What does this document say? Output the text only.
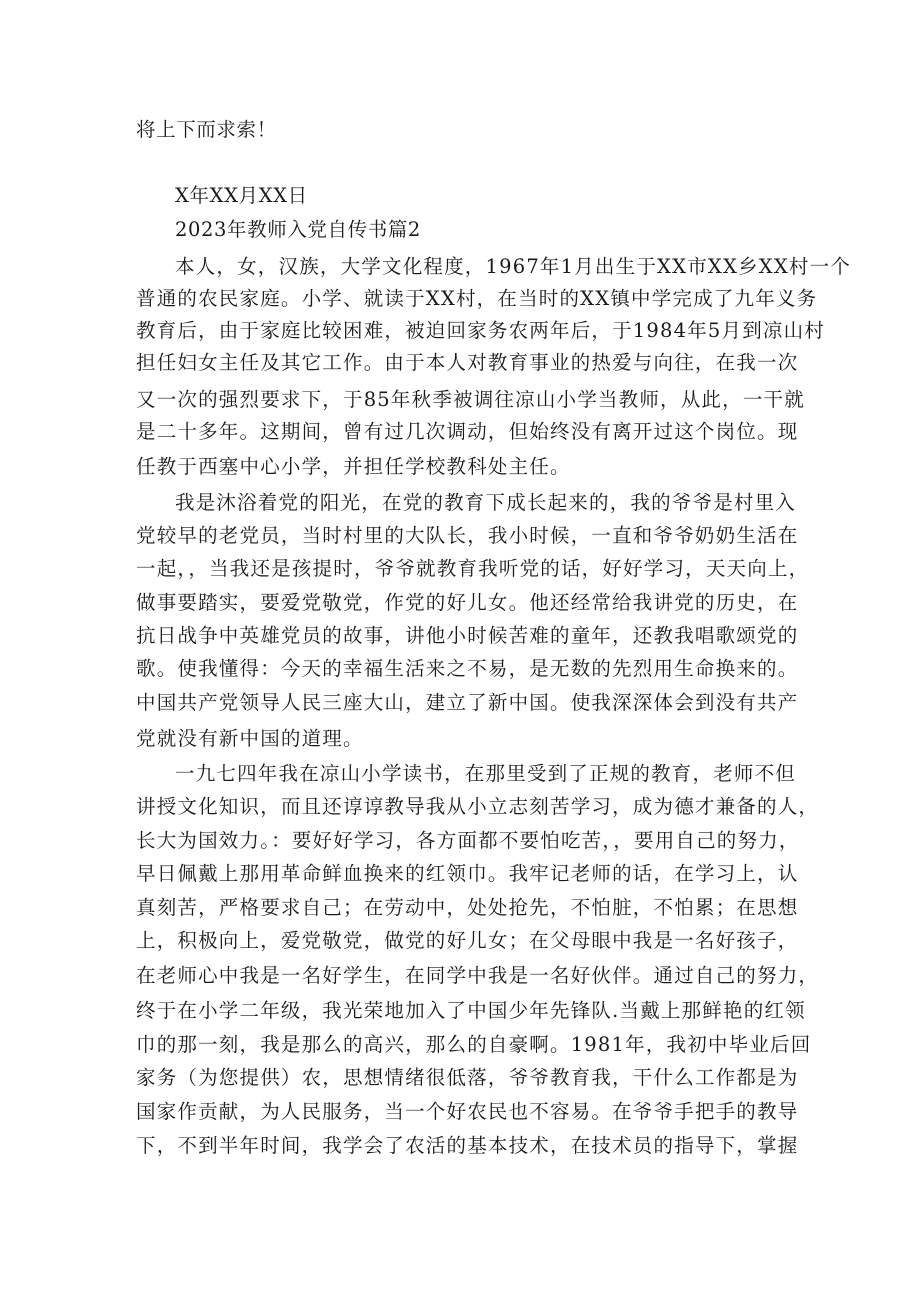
将上下而求索！
X年XX月XX日
2023年教师入党自传书篇2
本人，女，汉族，大学文化程度，1967年1月出生于XX市XX乡XX村一个
普通的农民家庭。小学、就读于XX村，在当时的XX镇中学完成了九年义务
教育后，由于家庭比较困难，被迫回家务农两年后，于1984年5月到凉山村
担任妇女主任及其它工作。由于本人对教育事业的热爱与向往，在我一次
又一次的强烈要求下，于85年秋季被调往凉山小学当教师，从此，一干就
是二十多年。这期间，曾有过几次调动，但始终没有离开过这个岗位。现
任教于西塞中心小学，并担任学校教科处主任。
我是沐浴着党的阳光，在党的教育下成长起来的，我的爷爷是村里入
党较早的老党员，当时村里的大队长，我小时候，一直和爷爷奶奶生活在
一起，，当我还是孩提时，爷爷就教育我听党的话，好好学习，天天向上，
做事要踏实，要爱党敬党，作党的好儿女。他还经常给我讲党的历史，在
抗日战争中英雄党员的故事，讲他小时候苦难的童年，还教我唱歌颂党的
歌。使我懂得：今天的幸福生活来之不易，是无数的先烈用生命换来的。
中国共产党领导人民三座大山，建立了新中国。使我深深体会到没有共产
党就没有新中国的道理。
一九七四年我在凉山小学读书，在那里受到了正规的教育，老师不但
讲授文化知识，而且还谆谆教导我从小立志刻苦学习，成为德才兼备的人，
长大为国效力。：要好好学习，各方面都不要怕吃苦，，要用自己的努力，
早日佩戴上那用革命鲜血换来的红领巾。我牢记老师的话，在学习上，认
真刻苦，严格要求自己；在劳动中，处处抢先，不怕脏，不怕累；在思想
上，积极向上，爱党敬党，做党的好儿女；在父母眼中我是一名好孩子，
在老师心中我是一名好学生，在同学中我是一名好伙伴。通过自己的努力，
终于在小学二年级，我光荣地加入了中国少年先锋队.当戴上那鲜艳的红领
巾的那一刻，我是那么的高兴，那么的自豪啊。1981年，我初中毕业后回
家务（为您提供）农，思想情绪很低落，爷爷教育我，干什么工作都是为
国家作贡献，为人民服务，当一个好农民也不容易。在爷爷手把手的教导
下，不到半年时间，我学会了农活的基本技术，在技术员的指导下，掌握
